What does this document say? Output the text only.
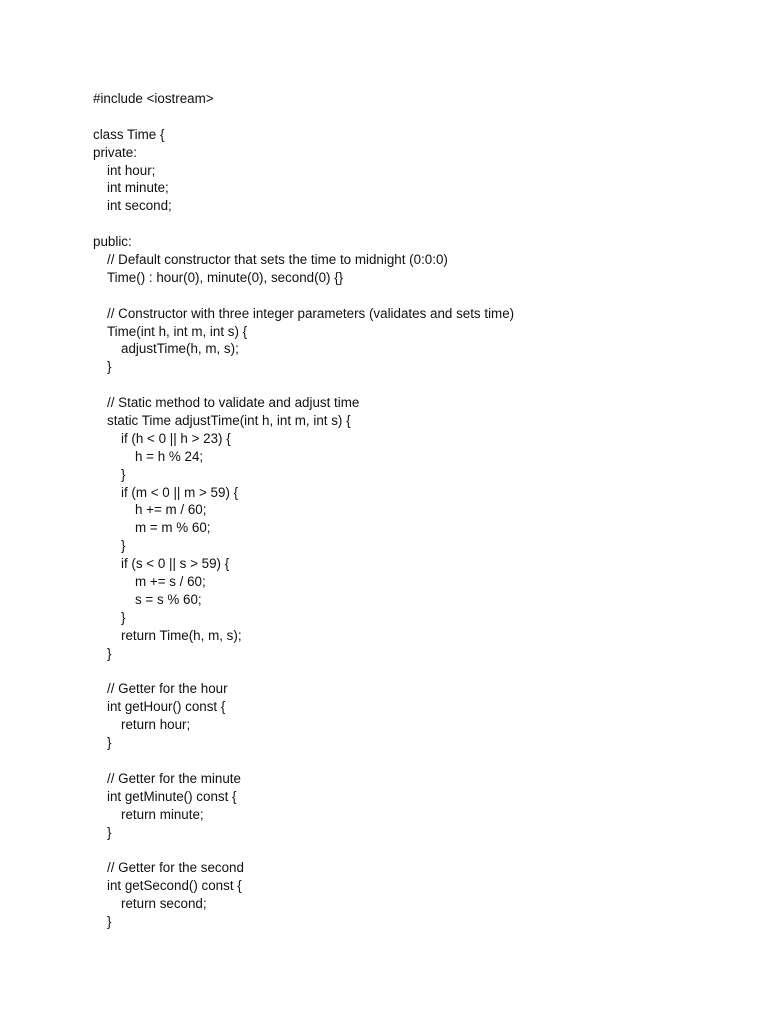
#include <iostream>
class Time {
private:
int hour;
int minute;
int second;
public:
// Default constructor that sets the time to midnight (0:0:0)
Time() : hour(0), minute(0), second(0) {}
// Constructor with three integer parameters (validates and sets time)
Time(int h, int m, int s) {
adjustTime(h, m, s);
}
// Static method to validate and adjust time
static Time adjustTime(int h, int m, int s) {
if (h < 0 || h > 23) {
h = h % 24;
}
if (m < 0 || m > 59) {
h += m / 60;
m = m % 60;
}
if (s < 0 || s > 59) {
m += s / 60;
s = s % 60;
}
return Time(h, m, s);
}
// Getter for the hour
int getHour() const {
return hour;
}
// Getter for the minute
int getMinute() const {
return minute;
}
// Getter for the second
int getSecond() const {
return second;
}
